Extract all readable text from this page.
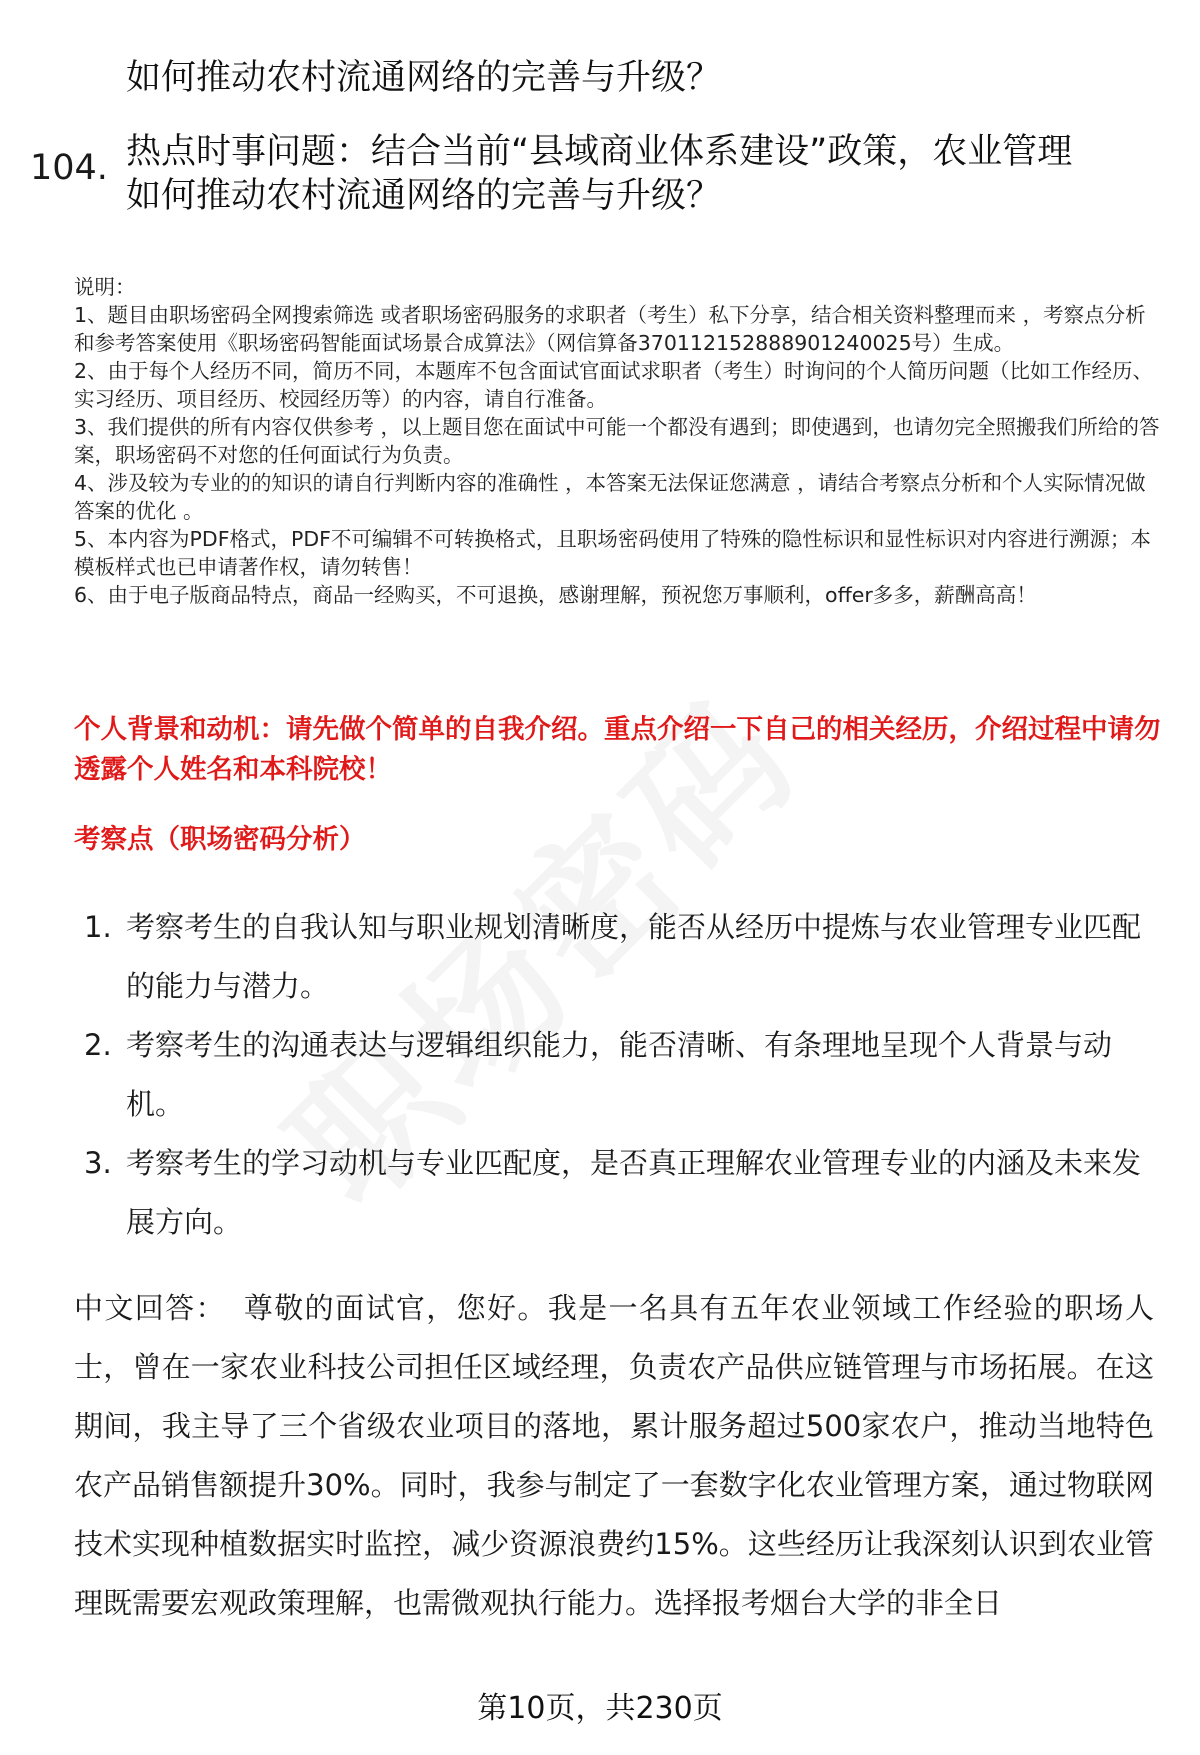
如何推动农村流通网络的完善与升级？

104. 热点时事问题：结合当前“县域商业体系建设”政策，农业管理

如何推动农村流通网络的完善与升级？

说明：

1、题目由职场密码全网搜索筛选 或者职场密码服务的求职者（考生）私下分享，结合相关资料整理而来 ，考察点分析和参考答案使用《职场密码智能面试场景合成算法》（网信算备370112152888901240025号）生成。

2、由于每个人经历不同，简历不同，本题库不包含面试官面试求职者（考生）时询问的个人简历问题（比如工作经历、实习经历、项目经历、校园经历等）的内容，请自行准备。

3、我们提供的所有内容仅供参考 ，以上题目您在面试中可能一个都没有遇到；即使遇到，也请勿完全照搬我们所给的答案，职场密码不对您的任何面试行为负责。

4、涉及较为专业的的知识的请自行判断内容的准确性 ，本答案无法保证您满意 ，请结合考察点分析和个人实际情况做答案的优化 。

5、本内容为PDF格式，PDF不可编辑不可转换格式，且职场密码使用了特殊的隐性标识和显性标识对内容进行溯源；本模板样式也已申请著作权，请勿转售！

6、由于电子版商品特点，商品一经购买，不可退换，感谢理解，预祝您万事顺利，offer多多，薪酬高高！

个人背景和动机：请先做个简单的自我介绍。重点介绍一下自己的相关经历，介绍过程中请勿透露个人姓名和本科院校！

考察点（职场密码分析）

1. 考察考生的自我认知与职业规划清晰度，能否从经历中提炼与农业管理专业匹配的能力与潜力。
2. 考察考生的沟通表达与逻辑组织能力，能否清晰、有条理地呈现个人背景与动机。
3. 考察考生的学习动机与专业匹配度，是否真正理解农业管理专业的内涵及未来发展方向。

中文回答： 尊敬的面试官，您好。我是一名具有五年农业领域工作经验的职场人士，曾在一家农业科技公司担任区域经理，负责农产品供应链管理与市场拓展。在这期间，我主导了三个省级农业项目的落地，累计服务超过500家农户，推动当地特色农产品销售额提升30%。同时，我参与制定了一套数字化农业管理方案，通过物联网技术实现种植数据实时监控，减少资源浪费约15%。这些经历让我深刻认识到农业管理既需要宏观政策理解，也需微观执行能力。选择报考烟台大学的非全日

第10页，共230页
